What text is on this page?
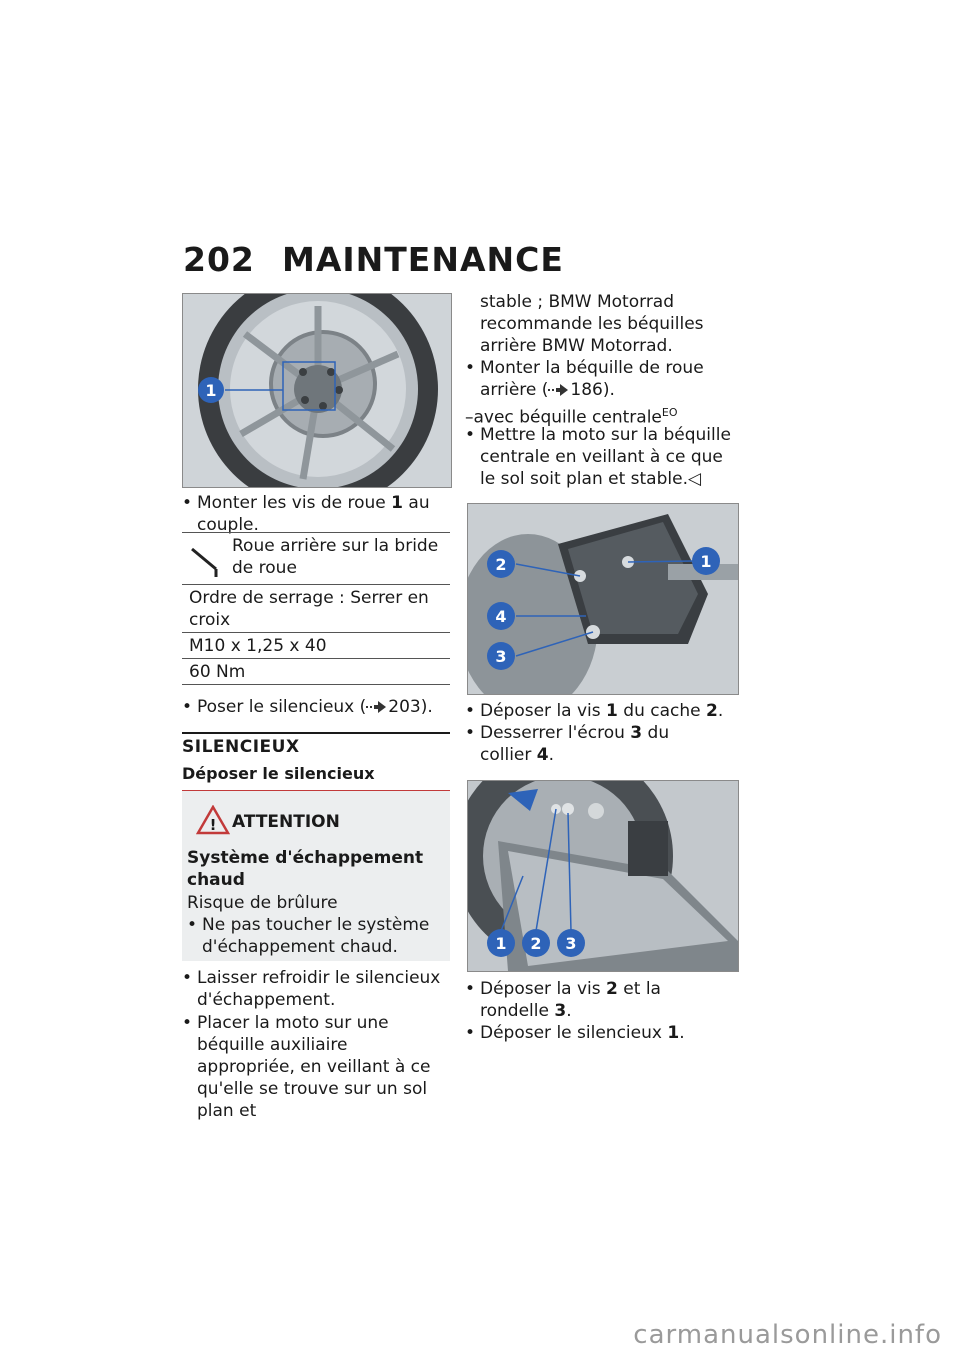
202 MAINTENANCE
1
• Monter les vis de roue 1 au couple.
Roue arrière sur la bride de roue
Ordre de serrage : Serrer en croix
M10 x 1,25 x 40
60 Nm
• Poser le silencieux ( 203).
SILENCIEUX
Déposer le silencieux
! ATTENTION
Système d'échappement chaud
Risque de brûlure
• Ne pas toucher le système d'échappement chaud.
• Laisser refroidir le silencieux d'échappement.
• Placer la moto sur une béquille auxiliaire appropriée, en veillant à ce qu'elle se trouve sur un sol plan et
stable ; BMW Motorrad recommande les béquilles arrière BMW Motorrad.
• Monter la béquille de roue arrière ( 186).
–avec béquille centrale$^{EO}$
• Mettre la moto sur la béquille centrale en veillant à ce que le sol soit plan et stable.◁
2	1
4
3
• Déposer la vis 1 du cache 2.
• Desserrer l'écrou 3 du collier 4.
1 2 3
• Déposer la vis 2 et la rondelle 3.
• Déposer le silencieux 1.
carmanualsonline.info
